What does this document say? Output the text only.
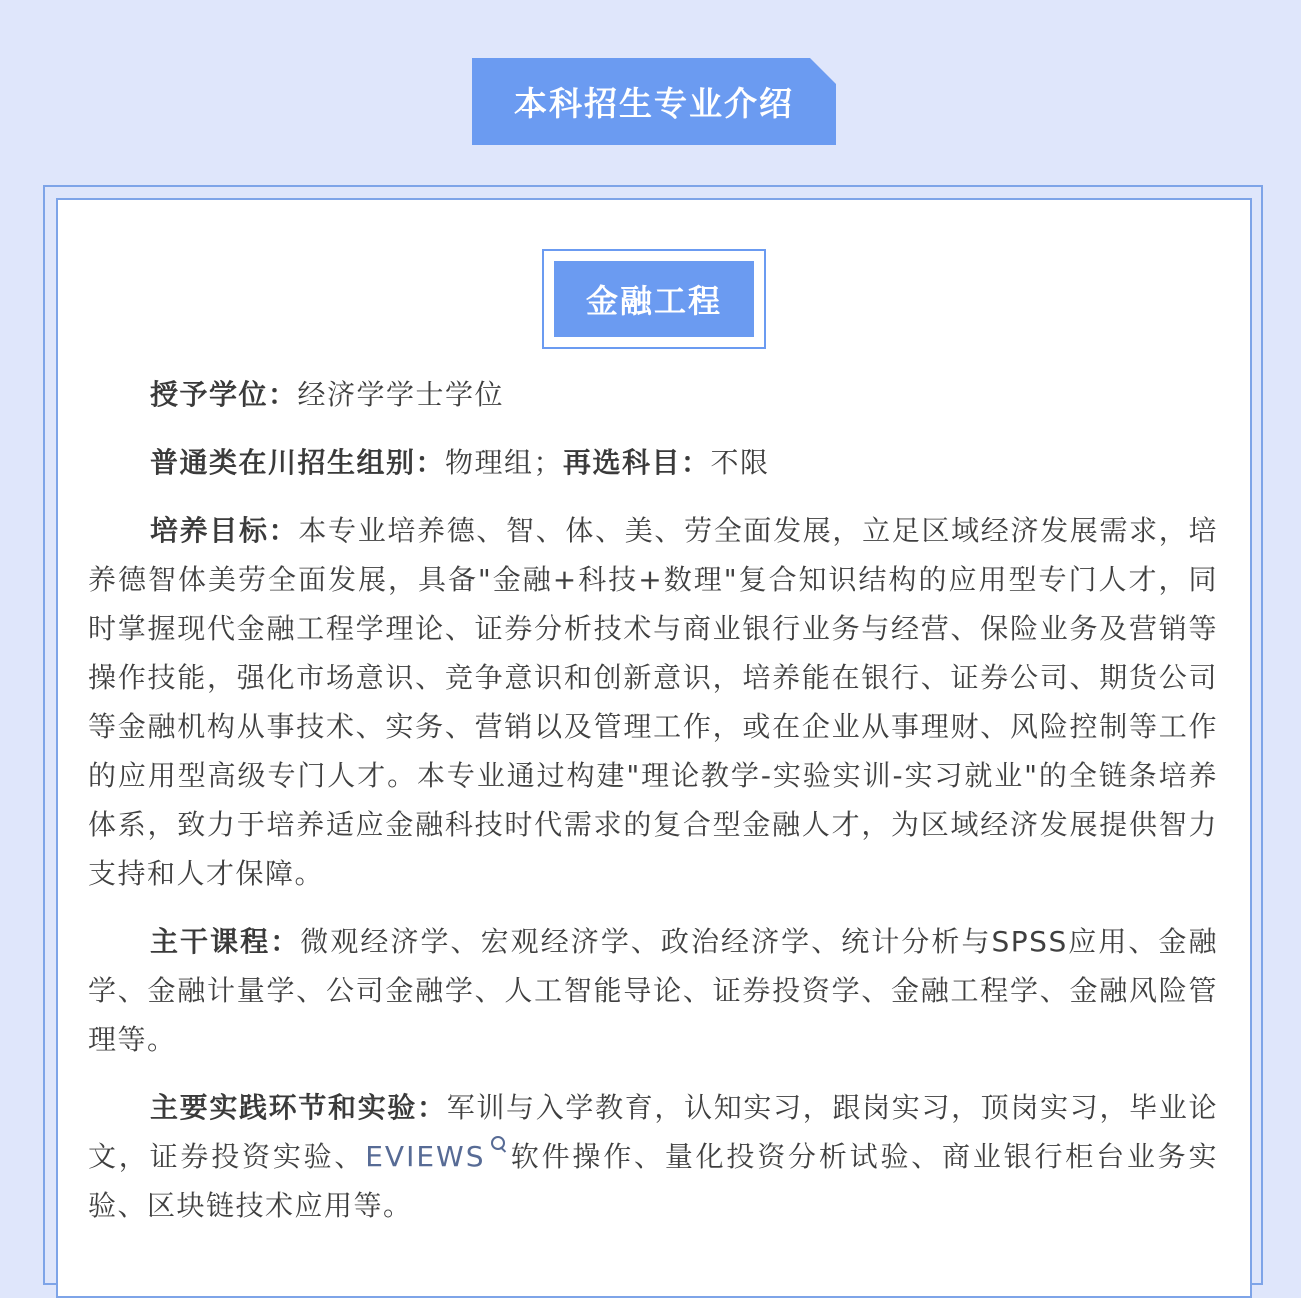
本科招生专业介绍
金融工程

授予学位：经济学学士学位

普通类在川招生组别：物理组；再选科目：不限

培养目标：本专业培养德、智、体、美、劳全面发展，立足区域经济发展需求，培养德智体美劳全面发展，具备"金融+科技+数理"复合知识结构的应用型专门人才，同时掌握现代金融工程学理论、证券分析技术与商业银行业务与经营、保险业务及营销等操作技能，强化市场意识、竞争意识和创新意识，培养能在银行、证券公司、期货公司等金融机构从事技术、实务、营销以及管理工作，或在企业从事理财、风险控制等工作的应用型高级专门人才。本专业通过构建"理论教学-实验实训-实习就业"的全链条培养体系，致力于培养适应金融科技时代需求的复合型金融人才，为区域经济发展提供智力支持和人才保障。

主干课程：微观经济学、宏观经济学、政治经济学、统计分析与SPSS应用、金融学、金融计量学、公司金融学、人工智能导论、证券投资学、金融工程学、金融风险管理等。

主要实践环节和实验：军训与入学教育，认知实习，跟岗实习，顶岗实习，毕业论文，证券投资实验、EVIEWS 软件操作、量化投资分析试验、商业银行柜台业务实验、区块链技术应用等。
